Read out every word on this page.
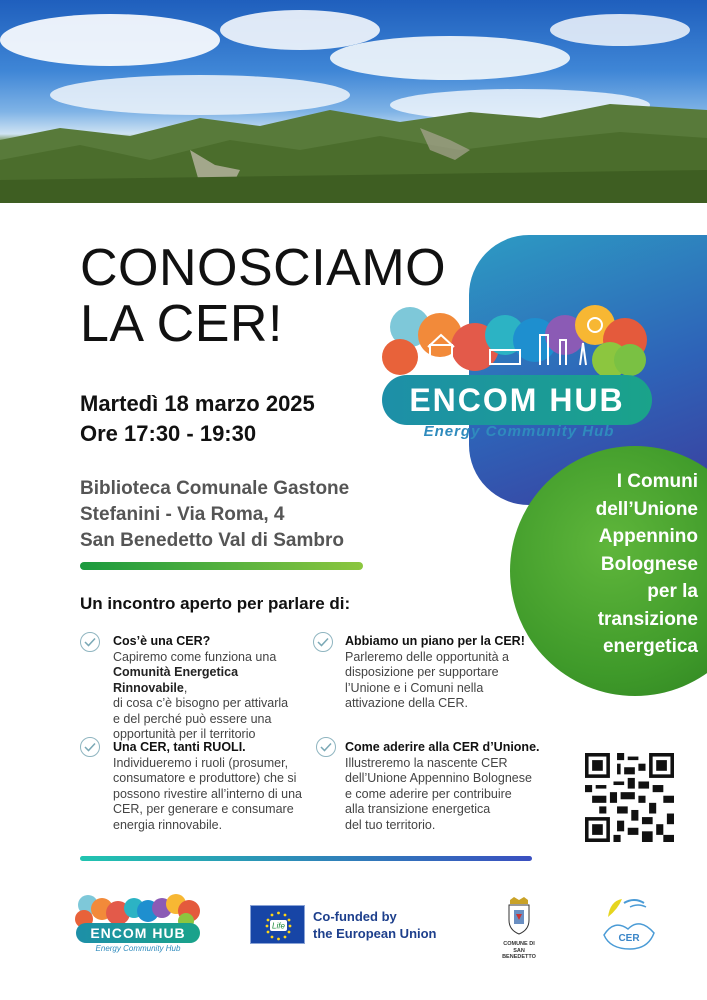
CONOSCIAMO
LA CER!
Martedì 18 marzo 2025
Ore 17:30 - 19:30
Biblioteca Comunale Gastone
Stefanini - Via Roma, 4
San Benedetto Val di Sambro
Un incontro aperto per parlare di:
Cos’è una CER?
Capiremo come funziona una
Comunità Energetica Rinnovabile,
di cosa c’è bisogno per attivarla
e del perché può essere una
opportunità per il territorio
Abbiamo un piano per la CER!
Parleremo delle opportunità a
disposizione per supportare
l’Unione e i Comuni nella
attivazione della CER.
Una CER, tanti RUOLI.
Individueremo i ruoli (prosumer,
consumatore e produttore) che si
possono rivestire all’interno di una
CER, per generare e consumare
energia rinnovabile.
Come aderire alla CER d’Unione.
Illustreremo la nascente CER
dell’Unione Appennino Bolognese
e come aderire per contribuire
alla transizione energetica
del tuo territorio.
ENCOM HUB
Energy Community Hub
I Comuni
dell’Unione
Appennino
Bolognese
per la
transizione
energetica
ENCOM HUB
Energy Community Hub
Life
Co-funded by
the European Union
COMUNE DI
SAN BENEDETTO
CER
